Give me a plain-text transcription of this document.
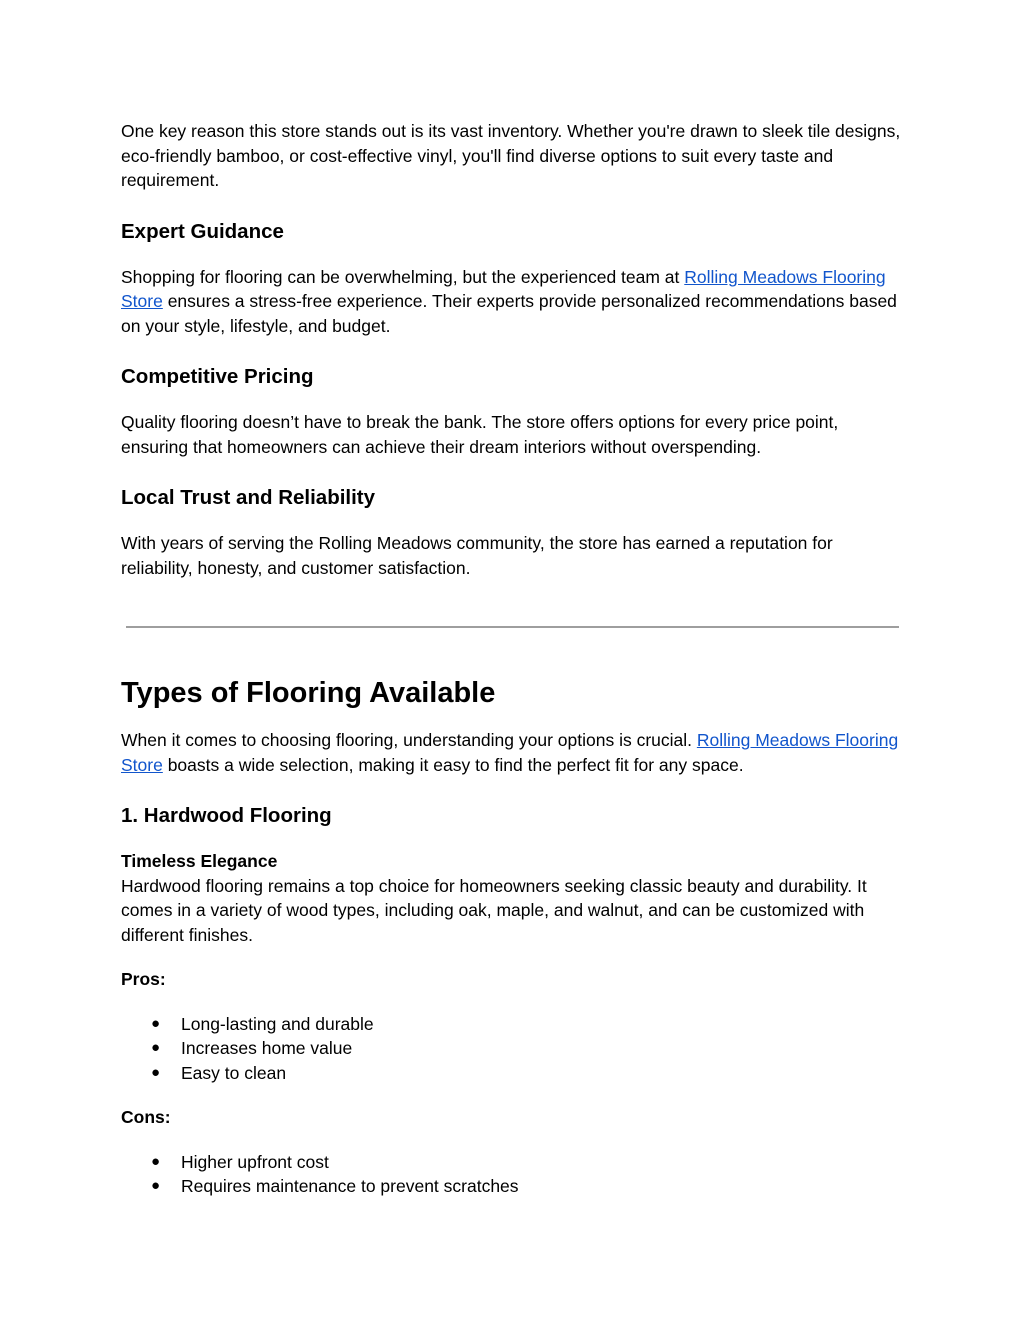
One key reason this store stands out is its vast inventory. Whether you're drawn to sleek tile designs, eco-friendly bamboo, or cost-effective vinyl, you'll find diverse options to suit every taste and requirement.

Expert Guidance

Shopping for flooring can be overwhelming, but the experienced team at Rolling Meadows Flooring Store ensures a stress-free experience. Their experts provide personalized recommendations based on your style, lifestyle, and budget.

Competitive Pricing

Quality flooring doesn’t have to break the bank. The store offers options for every price point, ensuring that homeowners can achieve their dream interiors without overspending.

Local Trust and Reliability

With years of serving the Rolling Meadows community, the store has earned a reputation for reliability, honesty, and customer satisfaction.

Types of Flooring Available

When it comes to choosing flooring, understanding your options is crucial. Rolling Meadows Flooring Store boasts a wide selection, making it easy to find the perfect fit for any space.

1. Hardwood Flooring

Timeless Elegance

Hardwood flooring remains a top choice for homeowners seeking classic beauty and durability. It comes in a variety of wood types, including oak, maple, and walnut, and can be customized with different finishes.

Pros:

● Long-lasting and durable
● Increases home value
● Easy to clean

Cons:

● Higher upfront cost
● Requires maintenance to prevent scratches
